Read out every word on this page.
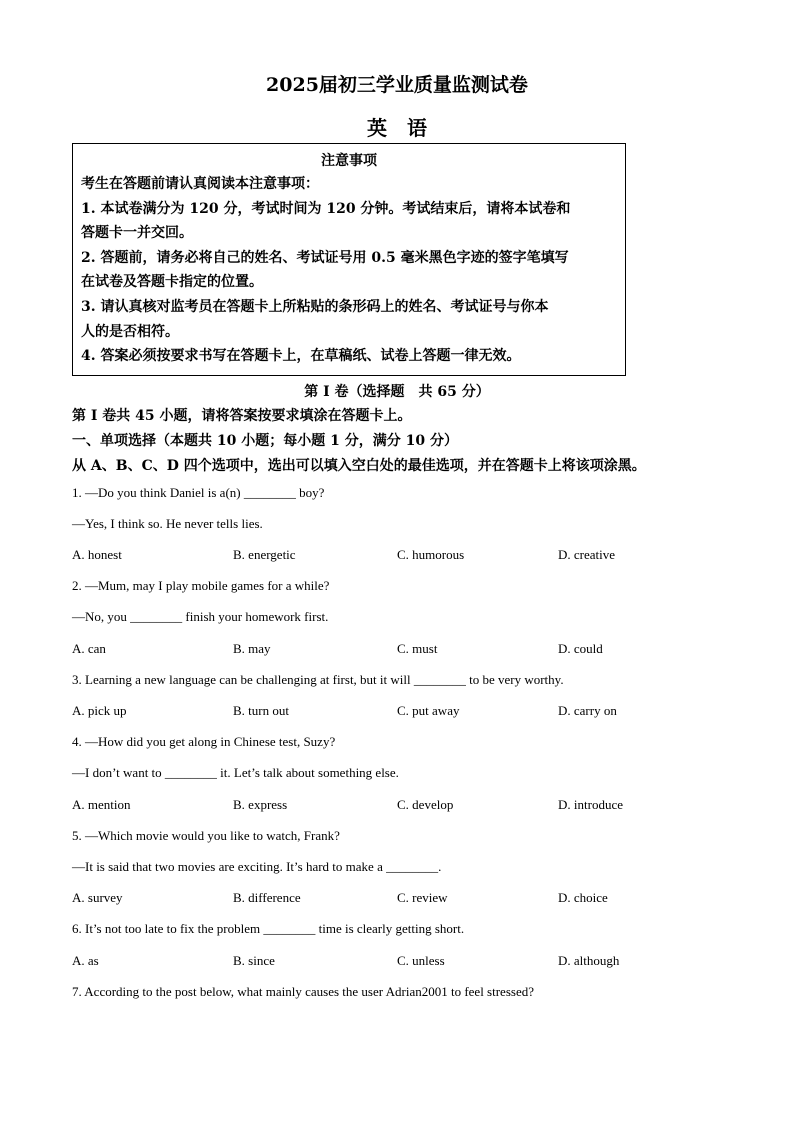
2025届初三学业质量监测试卷
英语
注意事项
考生在答题前请认真阅读本注意事项：
1. 本试卷满分为 120 分，考试时间为 120 分钟。考试结束后，请将本试卷和
答题卡一并交回。
2. 答题前，请务必将自己的姓名、考试证号用 0.5 毫米黑色字迹的签字笔填写
在试卷及答题卡指定的位置。
3. 请认真核对监考员在答题卡上所粘贴的条形码上的姓名、考试证号与你本
人的是否相符。
4. 答案必须按要求书写在答题卡上，在草稿纸、试卷上答题一律无效。
第 I 卷（选择题　共 65 分）
第 I 卷共 45 小题，请将答案按要求填涂在答题卡上。
一、单项选择（本题共 10 小题；每小题 1 分，满分 10 分）
从 A、B、C、D 四个选项中，选出可以填入空白处的最佳选项，并在答题卡上将该项涂黑。
1. —Do you think Daniel is a(n) ________ boy?
—Yes, I think so. He never tells lies.
A. honest	B. energetic	C. humorous	D. creative
2. —Mum, may I play mobile games for a while?
—No, you ________ finish your homework first.
A. can	B. may	C. must	D. could
3. Learning a new language can be challenging at first, but it will ________ to be very worthy.
A. pick up	B. turn out	C. put away	D. carry on
4. —How did you get along in Chinese test, Suzy?
—I don’t want to ________ it. Let’s talk about something else.
A. mention	B. express	C. develop	D. introduce
5. —Which movie would you like to watch, Frank?
—It is said that two movies are exciting. It’s hard to make a ________.
A. survey	B. difference	C. review	D. choice
6. It’s not too late to fix the problem ________ time is clearly getting short.
A. as	B. since	C. unless	D. although
7. According to the post below, what mainly causes the user Adrian2001 to feel stressed?
